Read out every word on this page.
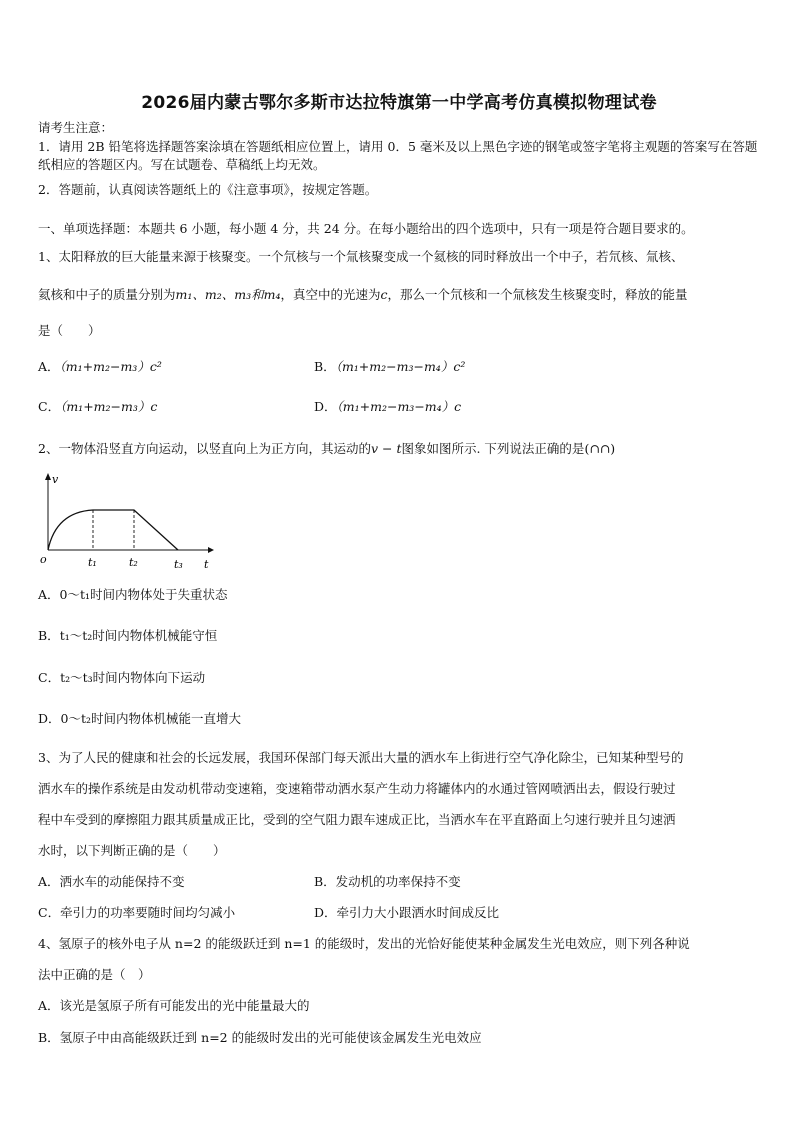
2026届内蒙古鄂尔多斯市达拉特旗第一中学高考仿真模拟物理试卷
请考生注意：
1．请用 2B 铅笔将选择题答案涂填在答题纸相应位置上，请用 0．5 毫米及以上黑色字迹的钢笔或签字笔将主观题的答案写在答题纸相应的答题区内。写在试题卷、草稿纸上均无效。
2．答题前，认真阅读答题纸上的《注意事项》，按规定答题。
一、单项选择题：本题共 6 小题，每小题 4 分，共 24 分。在每小题给出的四个选项中，只有一项是符合题目要求的。
1、太阳释放的巨大能量来源于核聚变。一个氘核与一个氚核聚变成一个氦核的同时释放出一个中子，若氘核、氚核、
氦核和中子的质量分别为m₁、m₂、m₃和m₄，真空中的光速为c，那么一个氘核和一个氚核发生核聚变时，释放的能量
是（　　）
A．（m₁+m₂−m₃）c²	B．（m₁+m₂−m₃−m₄）c²
C．（m₁+m₂−m₃）c	D．（m₁+m₂−m₃−m₄）c
2、一物体沿竖直方向运动，以竖直向上为正方向，其运动的v − t图象如图所示. 下列说法正确的是(∩∩)
v
o	t
t₁	t₂	t₃
A．0～t₁时间内物体处于失重状态
B．t₁～t₂时间内物体机械能守恒
C．t₂～t₃时间内物体向下运动
D．0～t₂时间内物体机械能一直增大
3、为了人民的健康和社会的长远发展，我国环保部门每天派出大量的洒水车上街进行空气净化除尘，已知某种型号的
洒水车的操作系统是由发动机带动变速箱，变速箱带动洒水泵产生动力将罐体内的水通过管网喷洒出去，假设行驶过
程中车受到的摩擦阻力跟其质量成正比，受到的空气阻力跟车速成正比，当洒水车在平直路面上匀速行驶并且匀速洒
水时，以下判断正确的是（　　）
A．洒水车的动能保持不变	B．发动机的功率保持不变
C．牵引力的功率要随时间均匀减小	D．牵引力大小跟洒水时间成反比
4、氢原子的核外电子从 n=2 的能级跃迁到 n=1 的能级时，发出的光恰好能使某种金属发生光电效应，则下列各种说
法中正确的是（　）
A．该光是氢原子所有可能发出的光中能量最大的
B．氢原子中由高能级跃迁到 n=2 的能级时发出的光可能使该金属发生光电效应
